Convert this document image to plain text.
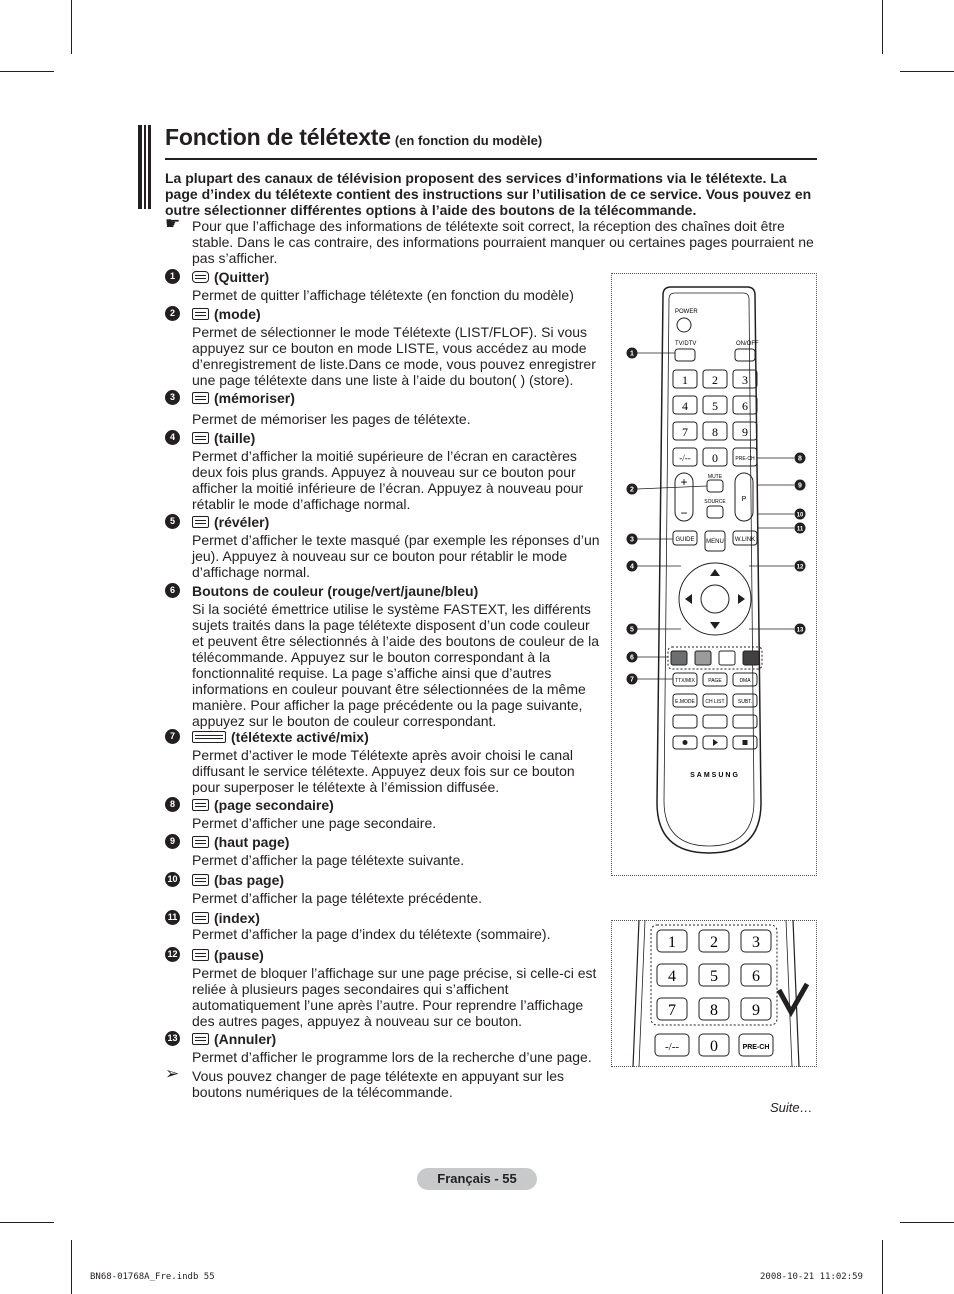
Fonction de télétexte (en fonction du modèle)
La plupart des canaux de télévision proposent des services d’informations via le télétexte. La page d’index du télétexte contient des instructions sur l’utilisation de ce service. Vous pouvez en outre sélectionner différentes options à l’aide des boutons de la télécommande.
☛ Pour que l’affichage des informations de télétexte soit correct, la réception des chaînes doit être stable. Dans le cas contraire, des informations pourraient manquer ou certaines pages pourraient ne pas s’afficher.
1	(Quitter)
Permet de quitter l’affichage télétexte (en fonction du modèle)
2	(mode)
Permet de sélectionner le mode Télétexte (LIST/FLOF). Si vous appuyez sur ce bouton en mode LISTE, vous accédez au mode d’enregistrement de liste.Dans ce mode, vous pouvez enregistrer une page télétexte dans une liste à l’aide du bouton( ) (store).
3	(mémoriser)
Permet de mémoriser les pages de télétexte.
4	(taille)
Permet d’afficher la moitié supérieure de l’écran en caractères deux fois plus grands. Appuyez à nouveau sur ce bouton pour afficher la moitié inférieure de l’écran. Appuyez à nouveau pour rétablir le mode d’affichage normal.
5	(révéler)
Permet d’afficher le texte masqué (par exemple les réponses d’un jeu). Appuyez à nouveau sur ce bouton pour rétablir le mode d’affichage normal.
6	Boutons de couleur (rouge/vert/jaune/bleu)
Si la société émettrice utilise le système FASTEXT, les différents sujets traités dans la page télétexte disposent d’un code couleur et peuvent être sélectionnés à l’aide des boutons de couleur de la télécommande. Appuyez sur le bouton correspondant à la fonctionnalité requise. La page s’affiche ainsi que d’autres informations en couleur pouvant être sélectionnées de la même manière. Pour afficher la page précédente ou la page suivante, appuyez sur le bouton de couleur correspondant.
7	(télétexte activé/mix)
Permet d’activer le mode Télétexte après avoir choisi le canal diffusant le service télétexte. Appuyez deux fois sur ce bouton pour superposer le télétexte à l’émission diffusée.
8	(page secondaire)
Permet d’afficher une page secondaire.
9	(haut page)
Permet d’afficher la page télétexte suivante.
10	(bas page)
Permet d’afficher la page télétexte précédente.
11	(index)
Permet d’afficher la page d’index du télétexte (sommaire).
12	(pause)
Permet de bloquer l’affichage sur une page précise, si celle-ci est reliée à plusieurs pages secondaires qui s’affichent automatiquement l’une après l’autre. Pour reprendre l’affichage des autres pages, appuyez à nouveau sur ce bouton.
13	(Annuler)
Permet d’afficher le programme lors de la recherche d’une page.
➢ Vous pouvez changer de page télétexte en appuyant sur les boutons numériques de la télécommande.
Suite…
Français - 55
BN68-01768A_Fre.indb 55	2008-10-21 11:02:59
POWER
TV/DTV	ON/OFF
1 2 3
4 5 6
7 8 9
-/-- 0	PRE-CH
+
−
MUTE
SOURCE P
GUIDE MENU W.LINK
TTX/MIX	PAGE	DMA
E.MODE CH LIST	SUBT.
SAMSUNG
1
2
3
4
5
6
7
8
9
10
11
12
13
1 2 3
4 5 6
7 8 9
-/-- 0	PRE-CH
